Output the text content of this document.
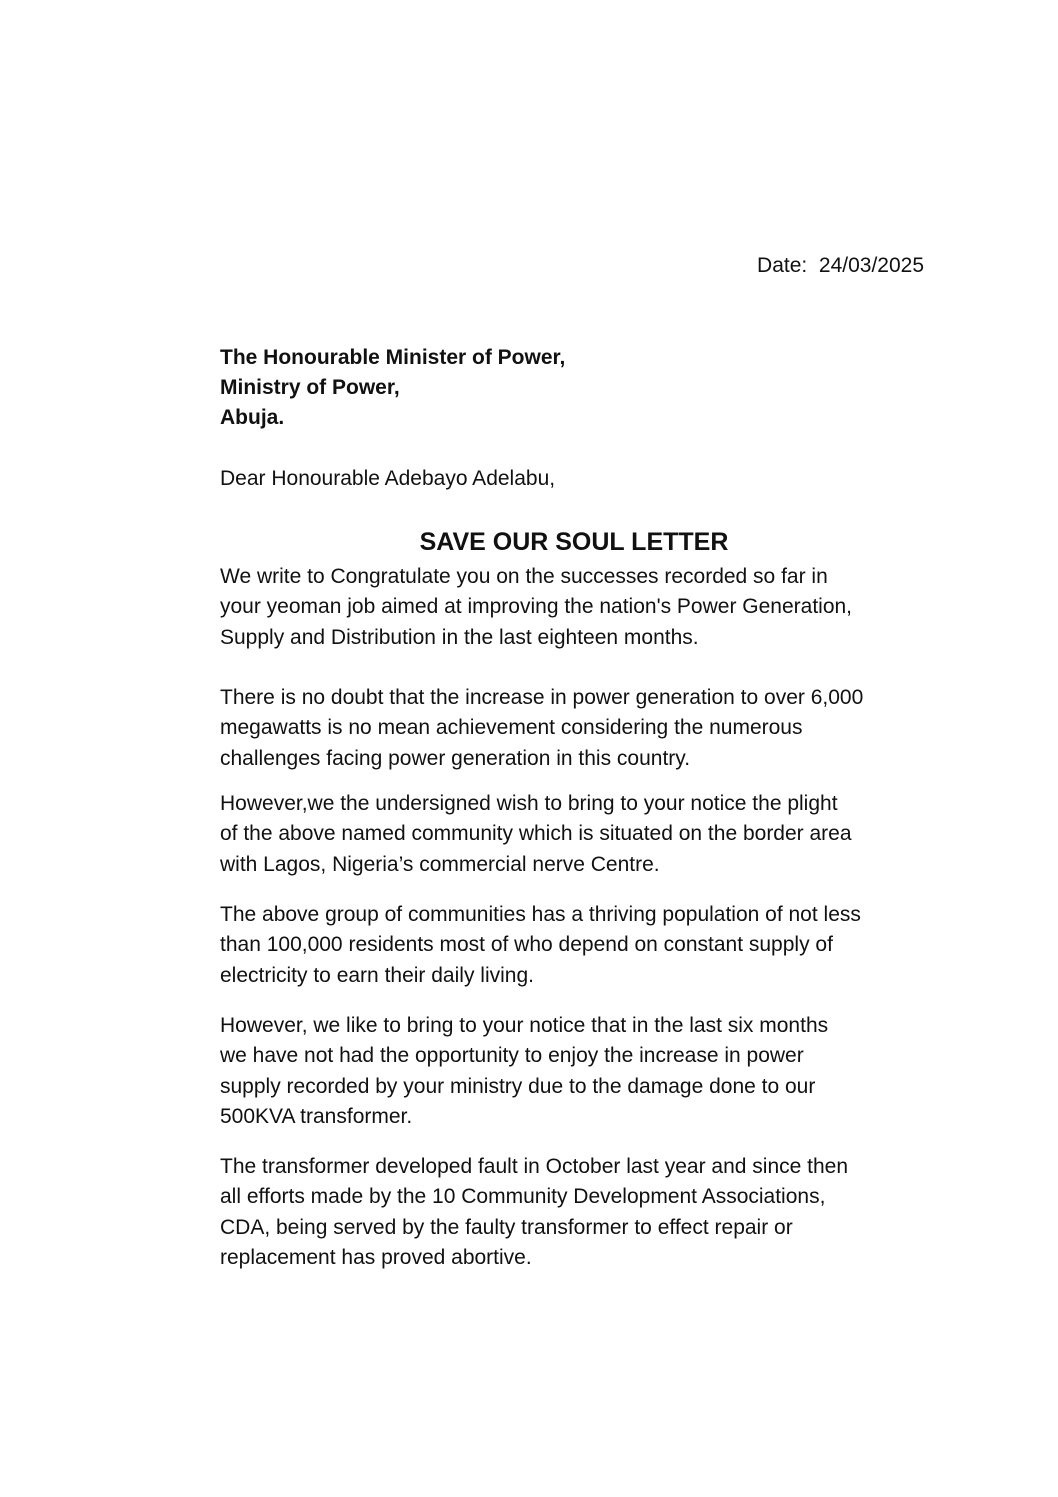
Date:  24/03/2025
The Honourable Minister of Power,
Ministry of Power,
Abuja.
Dear Honourable Adebayo Adelabu,
SAVE OUR SOUL LETTER
We write to Congratulate you on the successes recorded so far in
your yeoman job aimed at improving the nation's Power Generation,
Supply and Distribution in the last eighteen months.
There is no doubt that the increase in power generation to over 6,000
megawatts is no mean achievement considering the numerous
challenges facing power generation in this country.
However,we the undersigned wish to bring to your notice the plight
of the above named community which is situated on the border area
with Lagos, Nigeria’s commercial nerve Centre.
The above group of communities has a thriving population of not less
than 100,000 residents most of who depend on constant supply of
electricity to earn their daily living.
However, we like to bring to your notice that in the last six months
we have not had the opportunity to enjoy the increase in power
supply recorded by your ministry due to the damage done to our
500KVA transformer.
The transformer developed fault in October last year and since then
all efforts made by the 10 Community Development Associations,
CDA, being served by the faulty transformer to effect repair or
replacement has proved abortive.
